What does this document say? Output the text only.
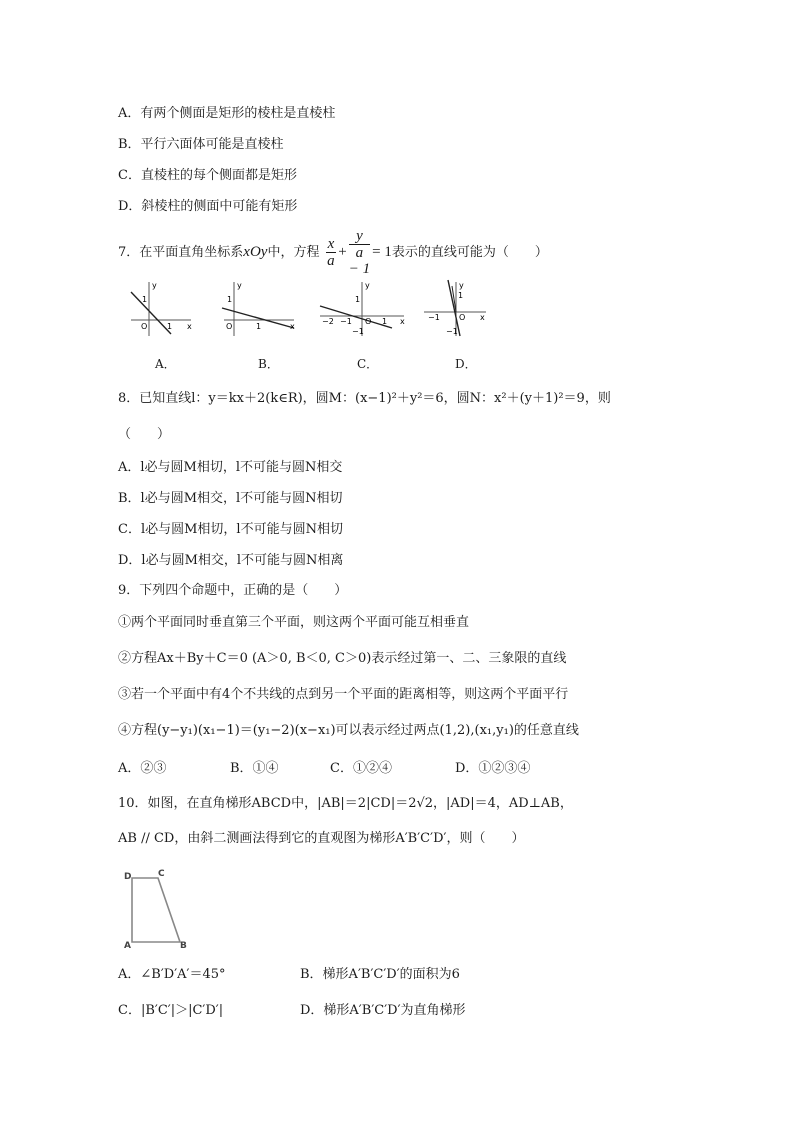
A．有两个侧面是矩形的棱柱是直棱柱
B．平行六面体可能是直棱柱
C．直棱柱的每个侧面都是矩形
D．斜棱柱的侧面中可能有矩形
7．在平面直角坐标系xOy中，方程 $\frac{x}{a} + y$
a
− 1 = 1表示的直线可能为（　　）
y
1
O 1 x
y
1
O	1	x
y
1
−2 −1 O 1 x
−1
y
1
−1 O x
−1
A．	B．	C．	D．
8．已知直线l：y＝kx＋2(k∈R)，圆M：(x−1)²＋y²＝6，圆N：x²＋(y＋1)²＝9，则
（　　）
A．l必与圆M相切，l不可能与圆N相交
B．l必与圆M相交，l不可能与圆N相切
C．l必与圆M相切，l不可能与圆N相切
D．l必与圆M相交，l不可能与圆N相离
9．下列四个命题中，正确的是（　　）
①两个平面同时垂直第三个平面，则这两个平面可能互相垂直
②方程Ax＋By＋C＝0 (A＞0, B＜0, C＞0)表示经过第一、二、三象限的直线
③若一个平面中有4个不共线的点到另一个平面的距离相等，则这两个平面平行
④方程(y−y₁)(x₁−1)＝(y₁−2)(x−x₁)可以表示经过两点(1,2),(x₁,y₁)的任意直线
A．②③	B．①④	C．①②④	D．①②③④
10．如图，在直角梯形ABCD中，|AB|＝2|CD|＝2√2，|AD|＝4，AD⊥AB，
AB // CD，由斜二测画法得到它的直观图为梯形A′B′C′D′，则（　　）
D	C
A	B
A．∠B′D′A′＝45°	B．梯形A′B′C′D′的面积为6
C．|B′C′|＞|C′D′|	D．梯形A′B′C′D′为直角梯形
